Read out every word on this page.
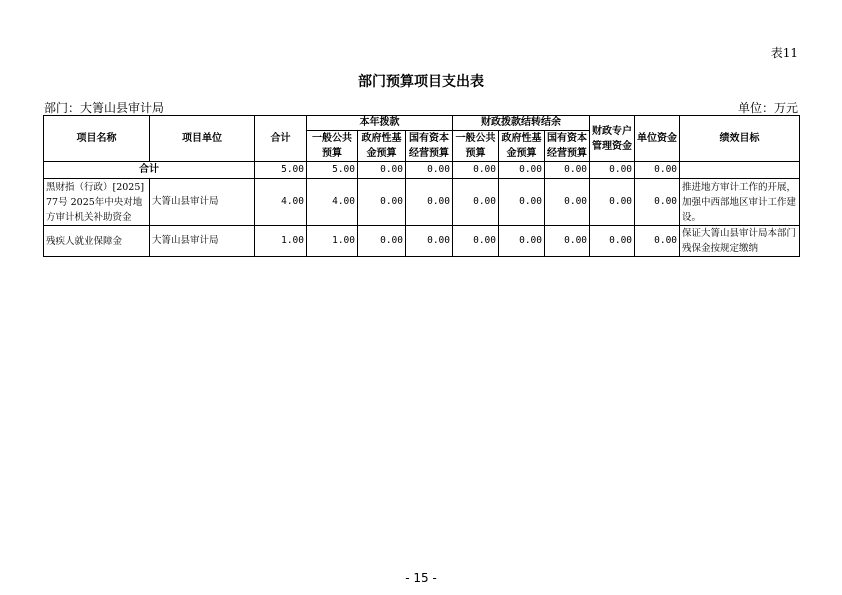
表11
部门预算项目支出表
部门：大箐山县审计局	单位：万元
项目名称	项目单位	合计	本年拨款			财政拨款结转结余			财政专户管理资金	单位资金	绩效目标
			一般公共预算	政府性基金预算	国有资本经营预算	一般公共预算	政府性基金预算	国有资本经营预算			

合计		5.00	5.00	0.00	0.00	0.00	0.00	0.00	0.00	0.00	
黑财指（行政）[2025]77号 2025年中央对地方审计机关补助资金	大箐山县审计局	4.00	4.00	0.00	0.00	0.00	0.00	0.00	0.00	0.00	推进地方审计工作的开展，加强中西部地区审计工作建设。
残疾人就业保障金	大箐山县审计局	1.00	1.00	0.00	0.00	0.00	0.00	0.00	0.00	0.00	保证大箐山县审计局本部门残保金按规定缴纳
- 15 -
